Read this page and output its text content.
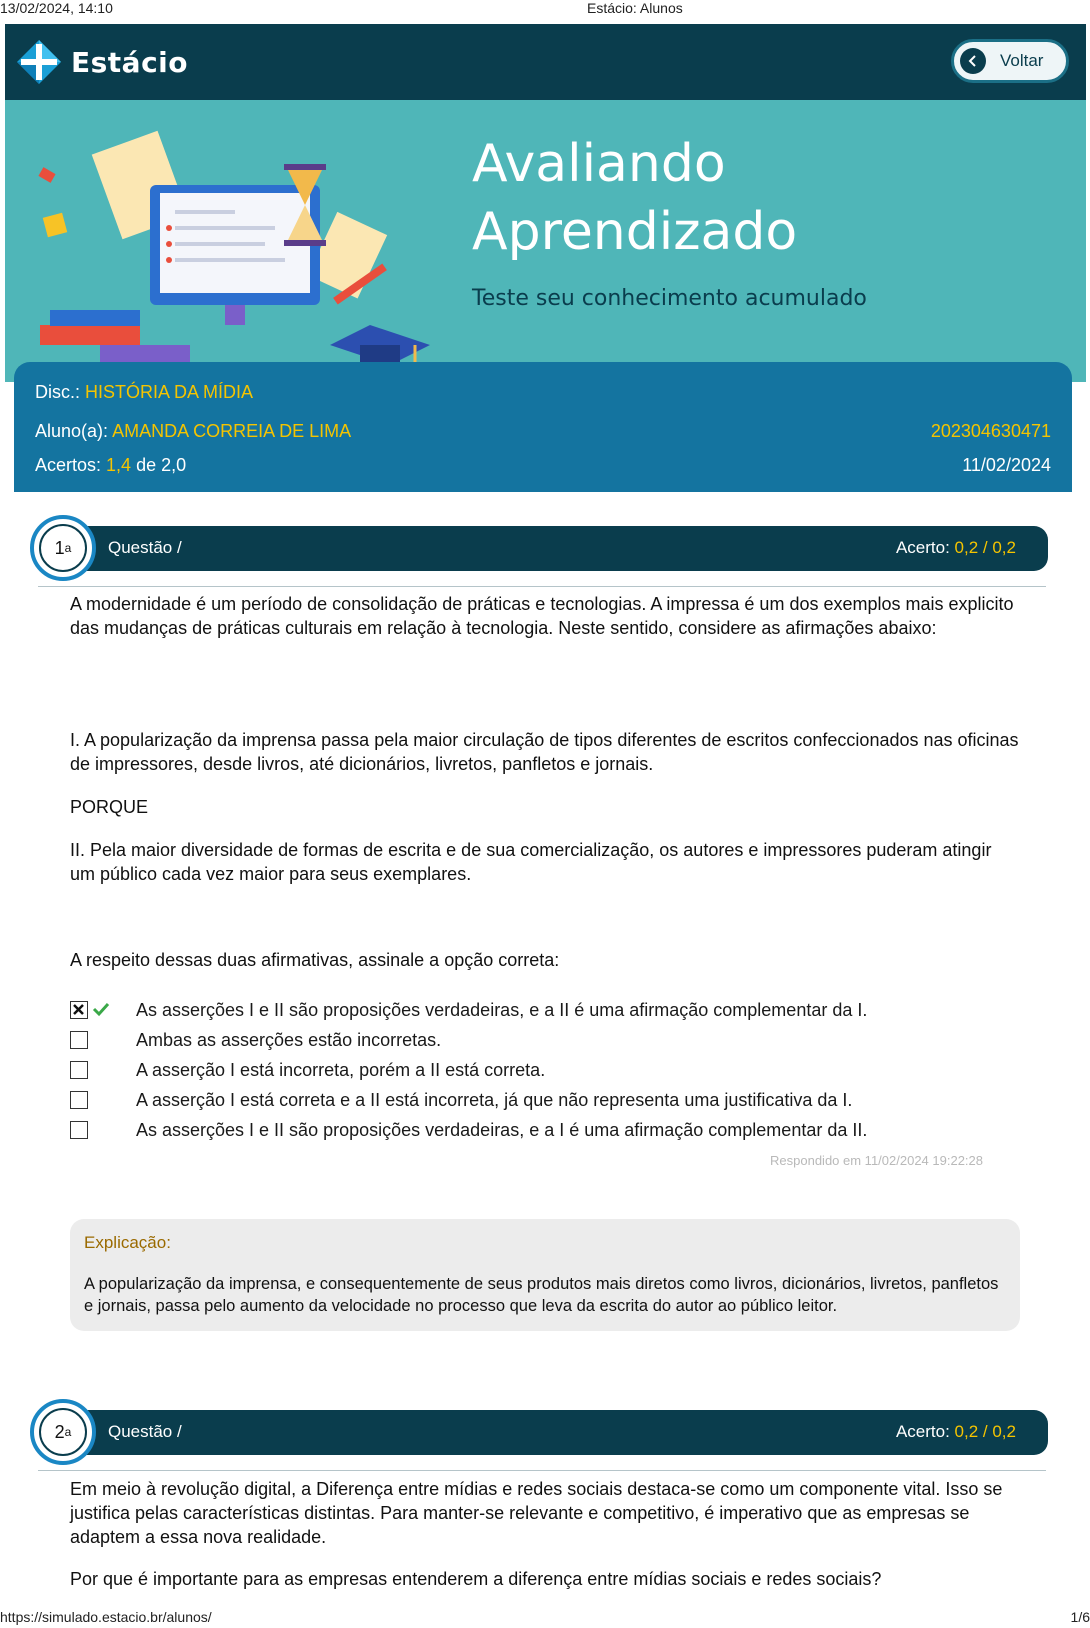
13/02/2024, 14:10	Estácio: Alunos
Estácio	Voltar
Avaliando
Aprendizado
Teste seu conhecimento acumulado
Disc.: HISTÓRIA DA MÍDIA
Aluno(a): AMANDA CORREIA DE LIMA	202304630471
Acertos: 1,4 de 2,0	11/02/2024
Questão /	Acerto: 0,2 / 0,2
1 a
A modernidade é um período de consolidação de práticas e tecnologias. A impressa é um dos exemplos mais explicito das mudanças de práticas culturais em relação à tecnologia. Neste sentido, considere as afirmações abaixo:
I. A popularização da imprensa passa pela maior circulação de tipos diferentes de escritos confeccionados nas oficinas de impressores, desde livros, até dicionários, livretos, panfletos e jornais.
PORQUE
II. Pela maior diversidade de formas de escrita e de sua comercialização, os autores e impressores puderam atingir um público cada vez maior para seus exemplares.
A respeito dessas duas afirmativas, assinale a opção correta:
As asserções I e II são proposições verdadeiras, e a II é uma afirmação complementar da I.
Ambas as asserções estão incorretas.
A asserção I está incorreta, porém a II está correta.
A asserção I está correta e a II está incorreta, já que não representa uma justificativa da I.
As asserções I e II são proposições verdadeiras, e a I é uma afirmação complementar da II.
Respondido em 11/02/2024 19:22:28
Explicação:
A popularização da imprensa, e consequentemente de seus produtos mais diretos como livros, dicionários, livretos, panfletos e jornais, passa pelo aumento da velocidade no processo que leva da escrita do autor ao público leitor.
Questão /	Acerto: 0,2 / 0,2
2 a
Em meio à revolução digital, a Diferença entre mídias e redes sociais destaca-se como um componente vital. Isso se justifica pelas características distintas. Para manter-se relevante e competitivo, é imperativo que as empresas se adaptem a essa nova realidade.
Por que é importante para as empresas entenderem a diferença entre mídias sociais e redes sociais?
https://simulado.estacio.br/alunos/	1/6
